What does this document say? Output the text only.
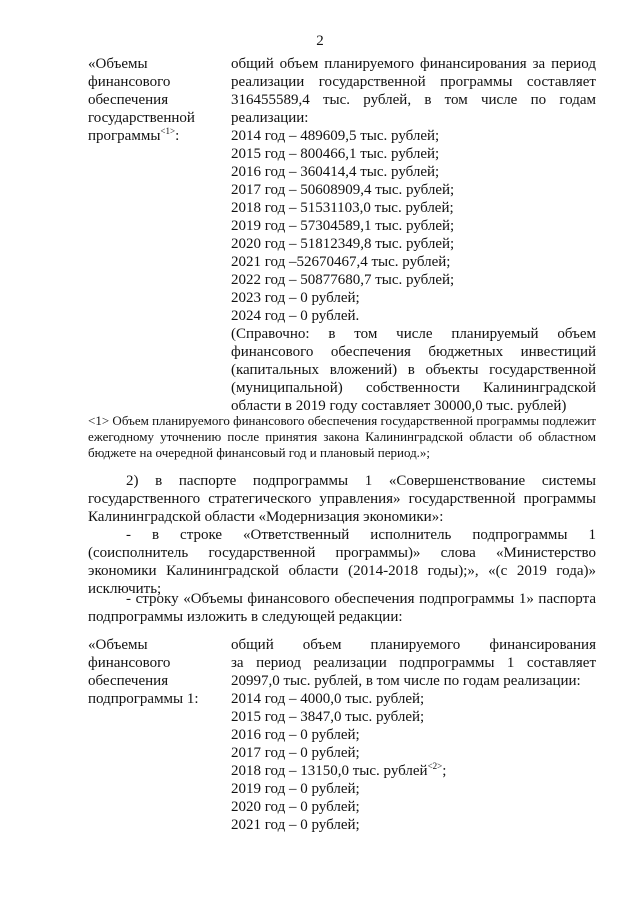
2
«Объемы
финансового
обеспечения
государственной
программы$^{<1>}$:
общий объем планируемого финансирования за период
реализации государственной программы составляет
316455589,4 тыс. рублей, в том числе по годам
реализации:
2014 год – 489609,5 тыс. рублей;
2015 год – 800466,1 тыс. рублей;
2016 год – 360414,4 тыс. рублей;
2017 год – 50608909,4 тыс. рублей;
2018 год – 51531103,0 тыс. рублей;
2019 год – 57304589,1 тыс. рублей;
2020 год – 51812349,8 тыс. рублей;
2021 год –52670467,4 тыс. рублей;
2022 год – 50877680,7 тыс. рублей;
2023 год – 0 рублей;
2024 год – 0 рублей.
(Справочно: в том числе планируемый объем
финансового обеспечения бюджетных инвестиций
(капитальных вложений) в объекты государственной
(муниципальной) собственности Калининградской
области в 2019 году составляет 30000,0 тыс. рублей)

<1> Объем планируемого финансового обеспечения государственной программы подлежит ежегодному уточнению после принятия закона Калининградской области об областном бюджете на очередной финансовый год и плановый период.»;

2) в паспорте подпрограммы 1 «Совершенствование системы государственного стратегического управления» государственной программы Калининградской области «Модернизация экономики»:

- в строке «Ответственный исполнитель подпрограммы 1 (соисполнитель государственной программы)» слова «Министерство экономики Калининградской области (2014-2018 годы);», «(с 2019 года)» исключить;

- строку «Объемы финансового обеспечения подпрограммы 1» паспорта подпрограммы изложить в следующей редакции:

«Объемы
финансового
обеспечения
подпрограммы 1:
общий объем планируемого финансирования
за период реализации подпрограммы 1 составляет
20997,0 тыс. рублей, в том числе по годам реализации:
2014 год – 4000,0 тыс. рублей;
2015 год – 3847,0 тыс. рублей;
2016 год – 0 рублей;
2017 год – 0 рублей;
2018 год – 13150,0 тыс. рублей$^{<2>}$;
2019 год – 0 рублей;
2020 год – 0 рублей;
2021 год – 0 рублей;
